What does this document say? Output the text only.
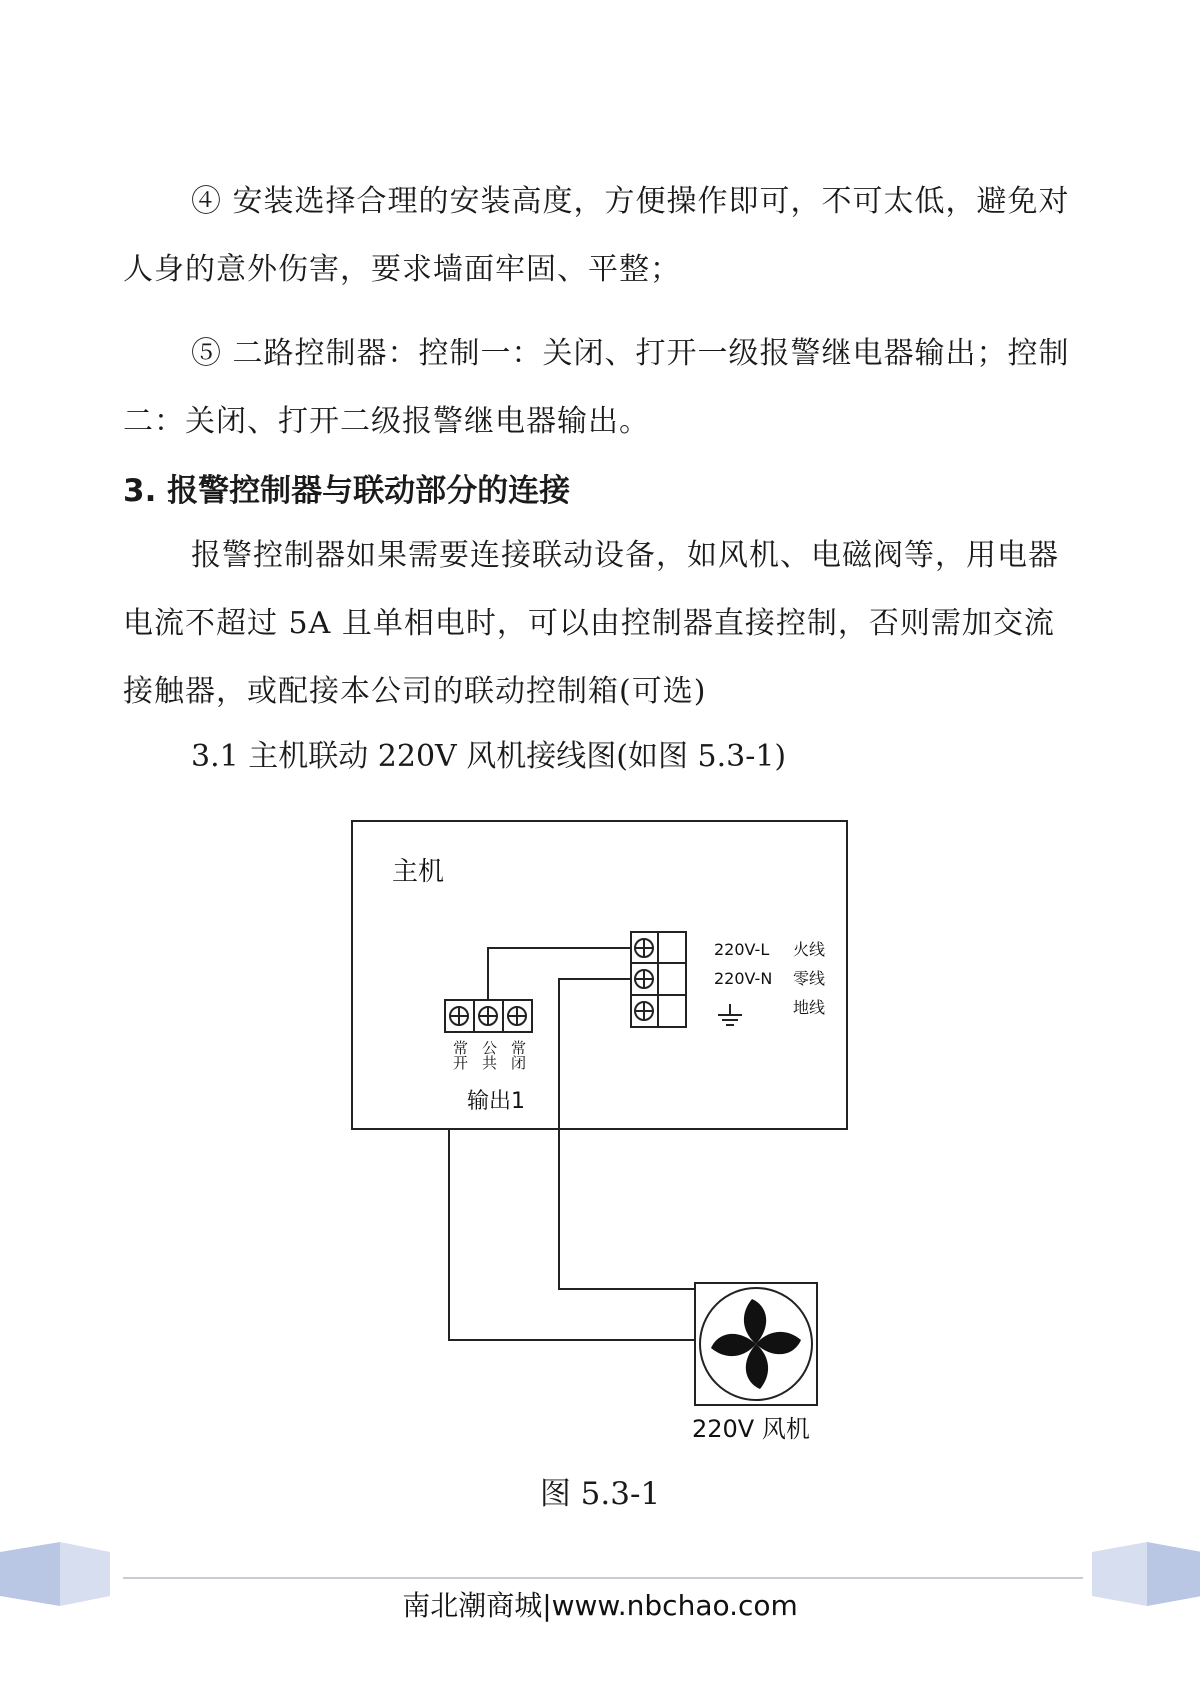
④ 安装选择合理的安装高度，方便操作即可，不可太低，避免对人身的意外伤害，要求墙面牢固、平整；

⑤ 二路控制器：控制一：关闭、打开一级报警继电器输出；控制二：关闭、打开二级报警继电器输出。

3. 报警控制器与联动部分的连接

报警控制器如果需要连接联动设备，如风机、电磁阀等，用电器电流不超过 5A 且单相电时，可以由控制器直接控制，否则需加交流接触器，或配接本公司的联动控制箱(可选)

3.1 主机联动 220V 风机接线图(如图 5.3-1)

主机
220V-L 火线
220V-N 零线
地线
常开 公共 常闭
输出1
220V 风机

图 5.3-1

南北潮商城|www.nbchao.com
